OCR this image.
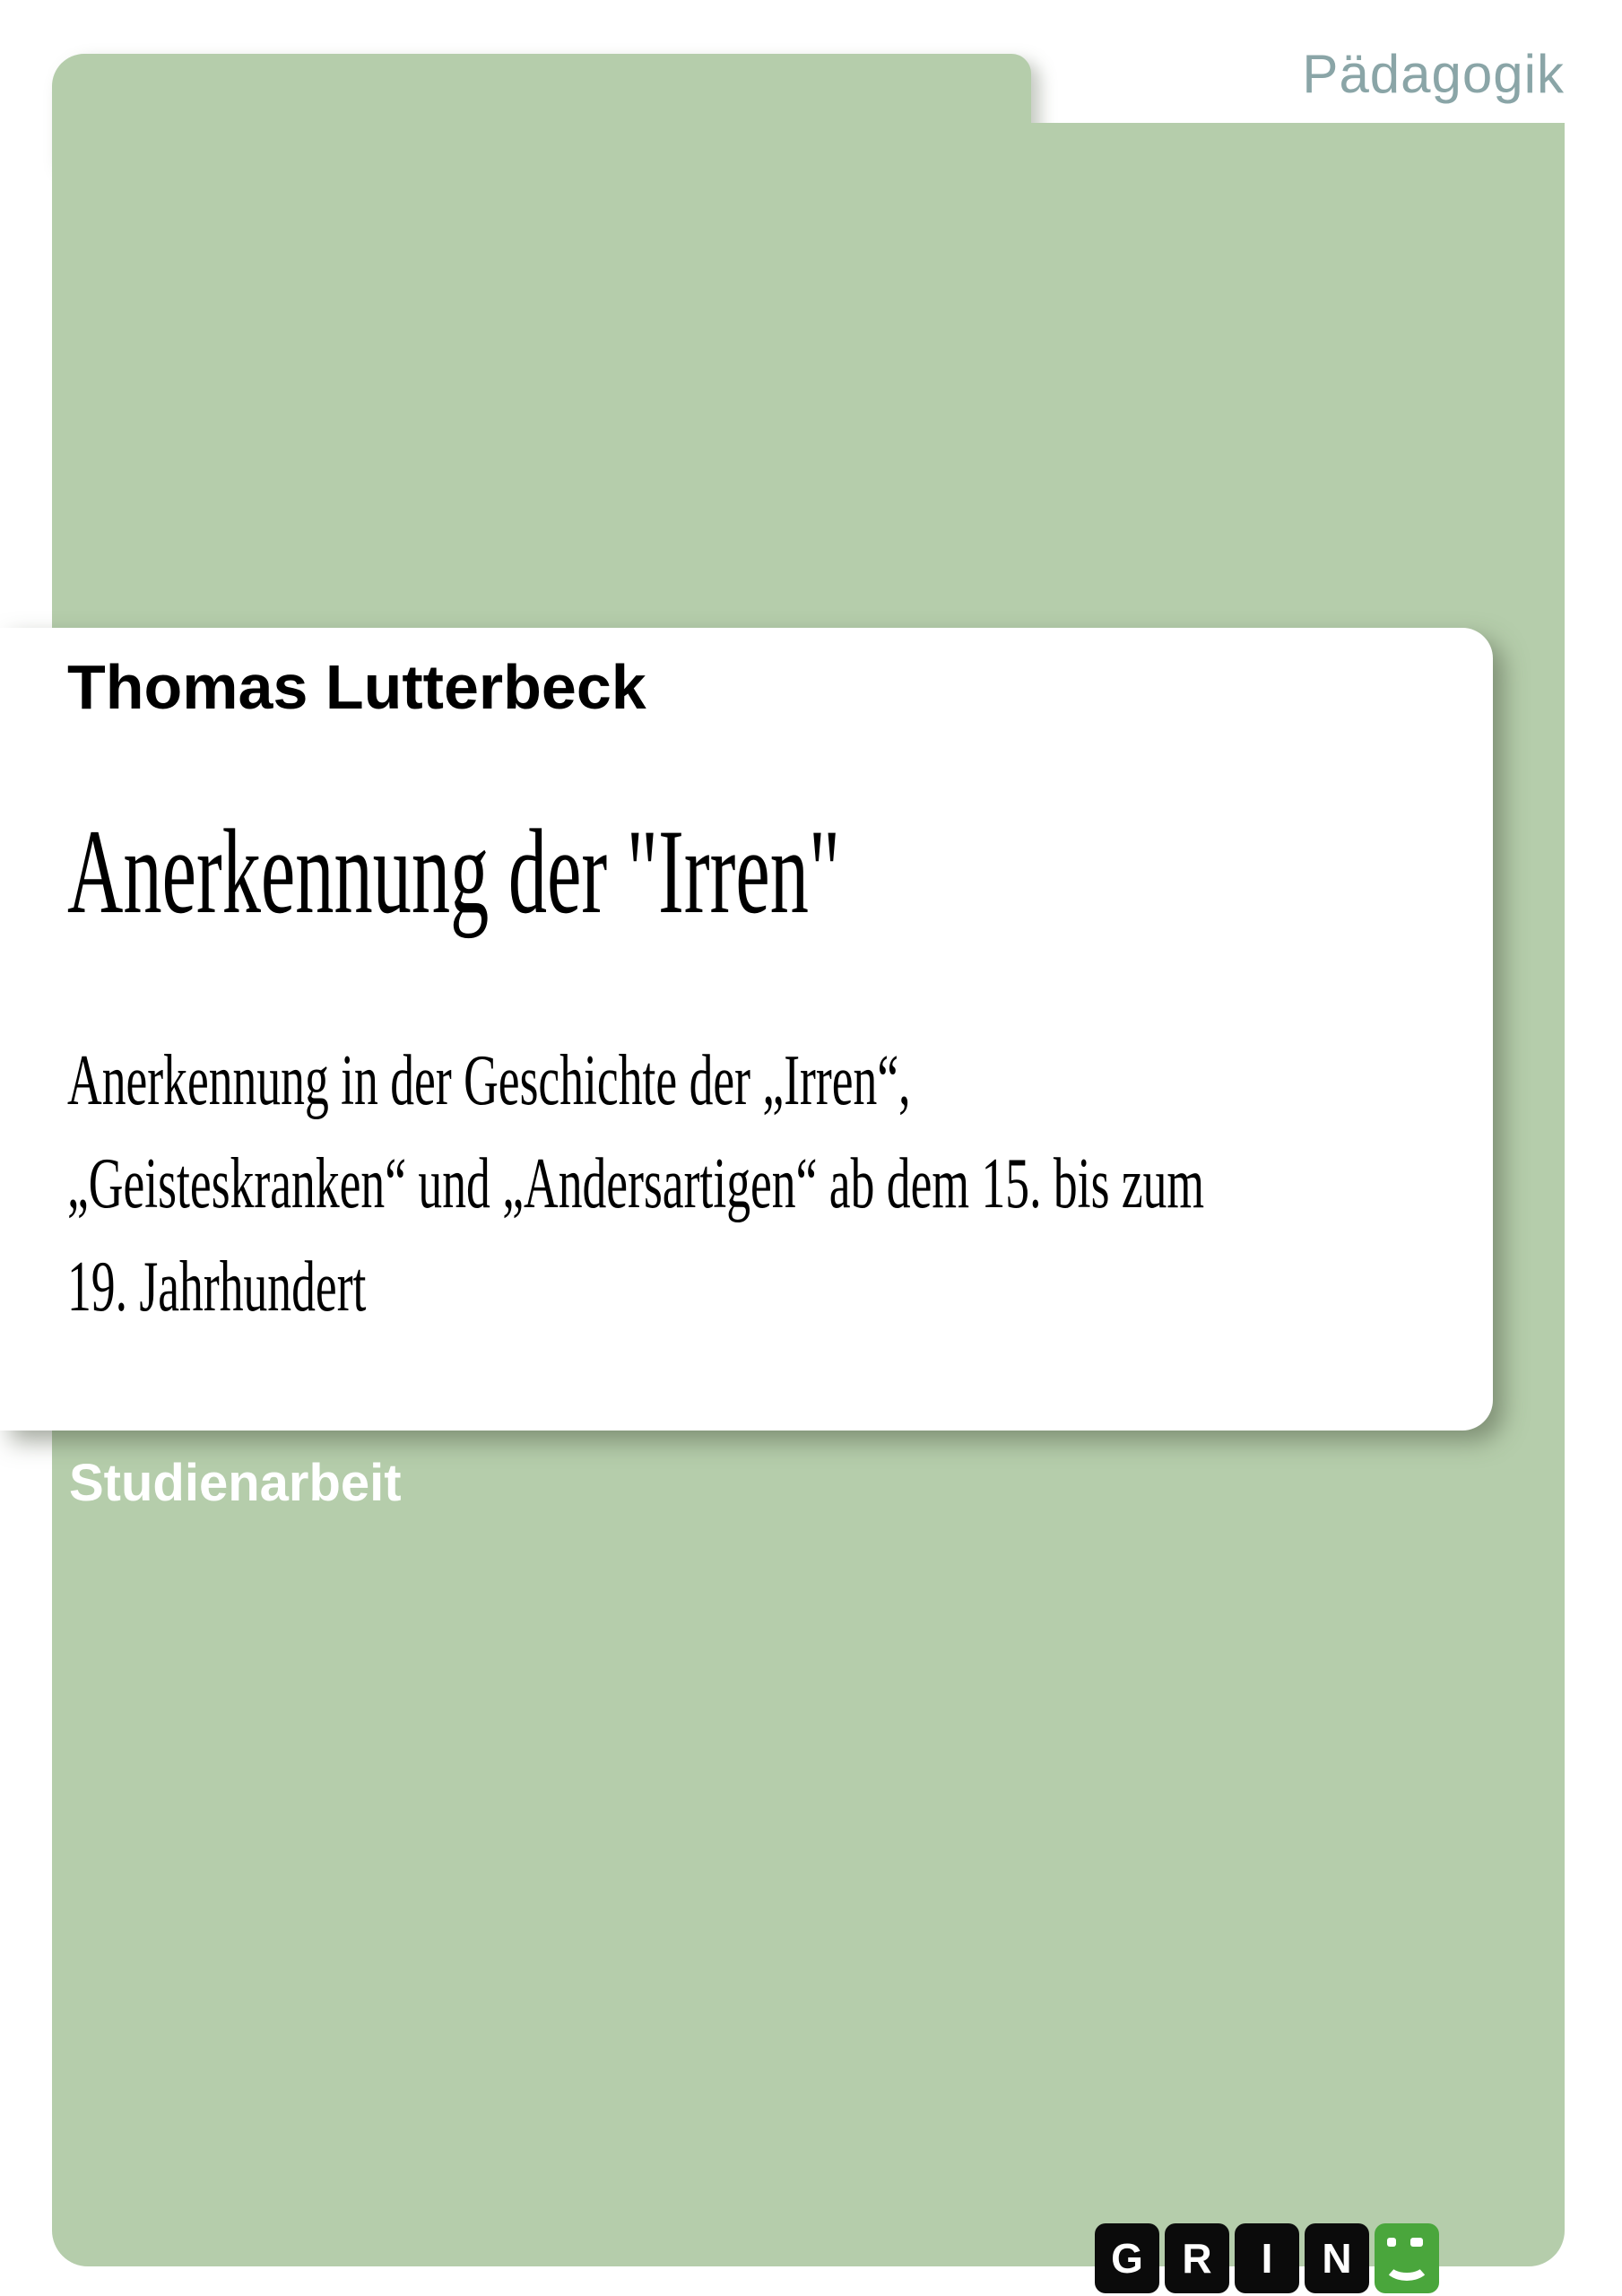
Pädagogik
Thomas Lutterbeck
Anerkennung der "Irren"
Anerkennung in der Geschichte der „Irren“,
„Geisteskranken“ und „Andersartigen“ ab dem 15. bis zum
19. Jahrhundert
Studienarbeit
G R	I	N
